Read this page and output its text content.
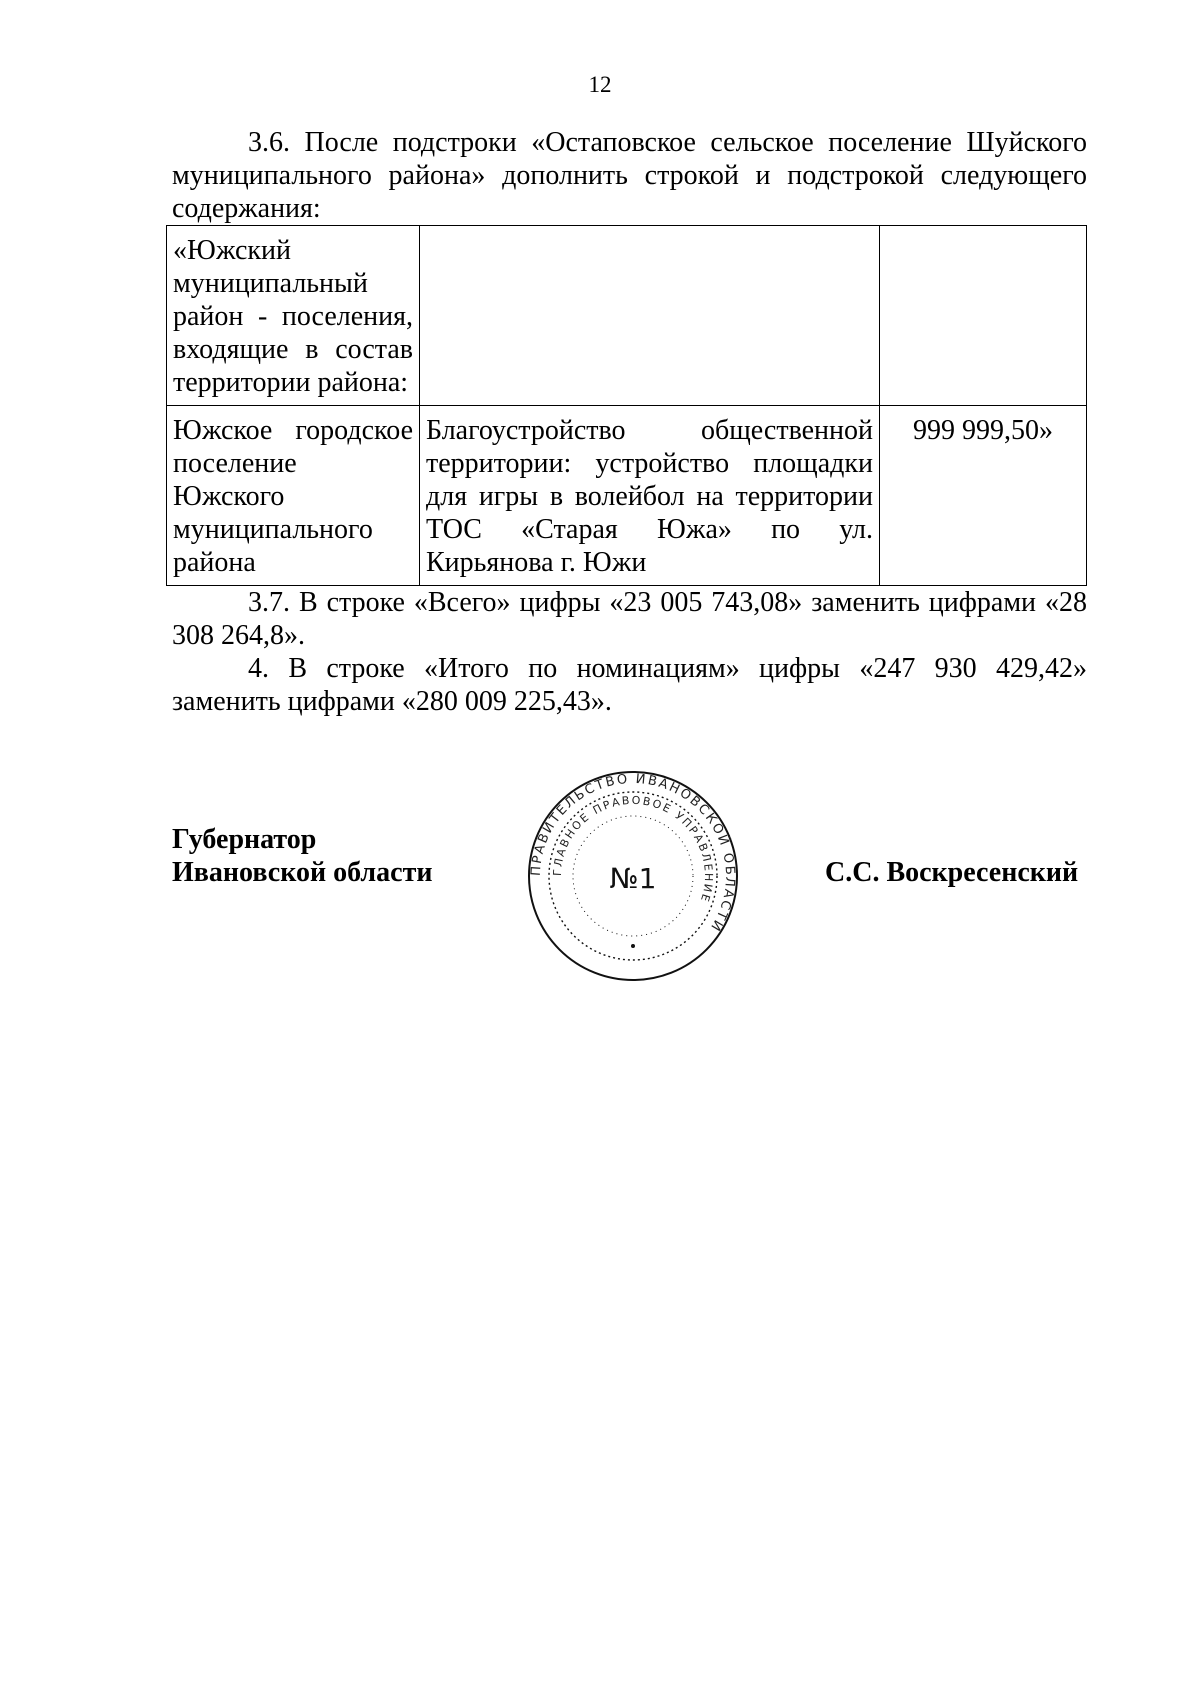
12

3.6. После подстроки «Остаповское сельское поселение Шуйского муниципального района» дополнить строкой и подстрокой следующего содержания:

«Южский муниципальный район - поселения, входящие в состав территории района:		
Южское городское поселение Южского муниципального района	Благоустройство общественной территории: устройство площадки для игры в волейбол на территории ТОС «Старая Южа» по ул. Кирьянова г. Южи	999 999,50»

3.7. В строке «Всего» цифры «23 005 743,08» заменить цифрами «28 308 264,8».

4. В строке «Итого по номинациям» цифры «247 930 429,42» заменить цифрами «280 009 225,43».

Губернатор
Ивановской области	С.С. Воскресенский
ПРАВИТЕЛЬСТВО ИВАНОВСКОЙ ОБЛАСТИ
ГЛАВНОЕ ПРАВОВОЕ УПРАВЛЕНИЕ
№1
